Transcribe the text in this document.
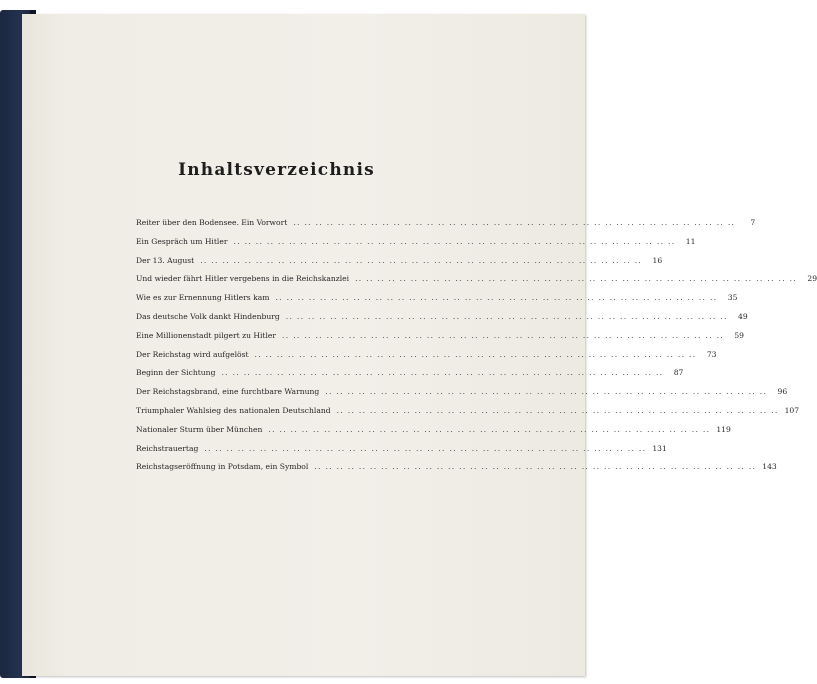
Inhaltsverzeichnis
Reiter über den Bodensee. Ein Vorwort .. .. .. .. .. .. .. .. .. .. .. .. .. .. .. .. .. .. .. .. .. .. .. .. .. .. .. .. .. .. .. .. .. .. .. .. .. .. .. ..	7
Ein Gespräch um Hitler .. .. .. .. .. .. .. .. .. .. .. .. .. .. .. .. .. .. .. .. .. .. .. .. .. .. .. .. .. .. .. .. .. .. .. .. .. .. .. ..	11
Der 13. August .. .. .. .. .. .. .. .. .. .. .. .. .. .. .. .. .. .. .. .. .. .. .. .. .. .. .. .. .. .. .. .. .. .. .. .. .. .. .. ..	16
Und wieder fährt Hitler vergebens in die Reichskanzlei .. .. .. .. .. .. .. .. .. .. .. .. .. .. .. .. .. .. .. .. .. .. .. .. .. .. .. .. .. .. .. .. .. .. .. .. .. .. .. ..	29
Wie es zur Ernennung Hitlers kam .. .. .. .. .. .. .. .. .. .. .. .. .. .. .. .. .. .. .. .. .. .. .. .. .. .. .. .. .. .. .. .. .. .. .. .. .. .. .. ..	35
Das deutsche Volk dankt Hindenburg .. .. .. .. .. .. .. .. .. .. .. .. .. .. .. .. .. .. .. .. .. .. .. .. .. .. .. .. .. .. .. .. .. .. .. .. .. .. .. ..	49
Eine Millionenstadt pilgert zu Hitler .. .. .. .. .. .. .. .. .. .. .. .. .. .. .. .. .. .. .. .. .. .. .. .. .. .. .. .. .. .. .. .. .. .. .. .. .. .. .. ..	59
Der Reichstag wird aufgelöst .. .. .. .. .. .. .. .. .. .. .. .. .. .. .. .. .. .. .. .. .. .. .. .. .. .. .. .. .. .. .. .. .. .. .. .. .. .. .. ..	73
Beginn der Sichtung .. .. .. .. .. .. .. .. .. .. .. .. .. .. .. .. .. .. .. .. .. .. .. .. .. .. .. .. .. .. .. .. .. .. .. .. .. .. .. ..	87
Der Reichstagsbrand, eine furchtbare Warnung .. .. .. .. .. .. .. .. .. .. .. .. .. .. .. .. .. .. .. .. .. .. .. .. .. .. .. .. .. .. .. .. .. .. .. .. .. .. .. ..	96
Triumphaler Wahlsieg des nationalen Deutschland .. .. .. .. .. .. .. .. .. .. .. .. .. .. .. .. .. .. .. .. .. .. .. .. .. .. .. .. .. .. .. .. .. .. .. .. .. .. .. .. 107
Nationaler Sturm über München .. .. .. .. .. .. .. .. .. .. .. .. .. .. .. .. .. .. .. .. .. .. .. .. .. .. .. .. .. .. .. .. .. .. .. .. .. .. .. .. 119
Reichstrauertag .. .. .. .. .. .. .. .. .. .. .. .. .. .. .. .. .. .. .. .. .. .. .. .. .. .. .. .. .. .. .. .. .. .. .. .. .. .. .. .. 131
Reichstagseröffnung in Potsdam, ein Symbol .. .. .. .. .. .. .. .. .. .. .. .. .. .. .. .. .. .. .. .. .. .. .. .. .. .. .. .. .. .. .. .. .. .. .. .. .. .. .. .. 143
